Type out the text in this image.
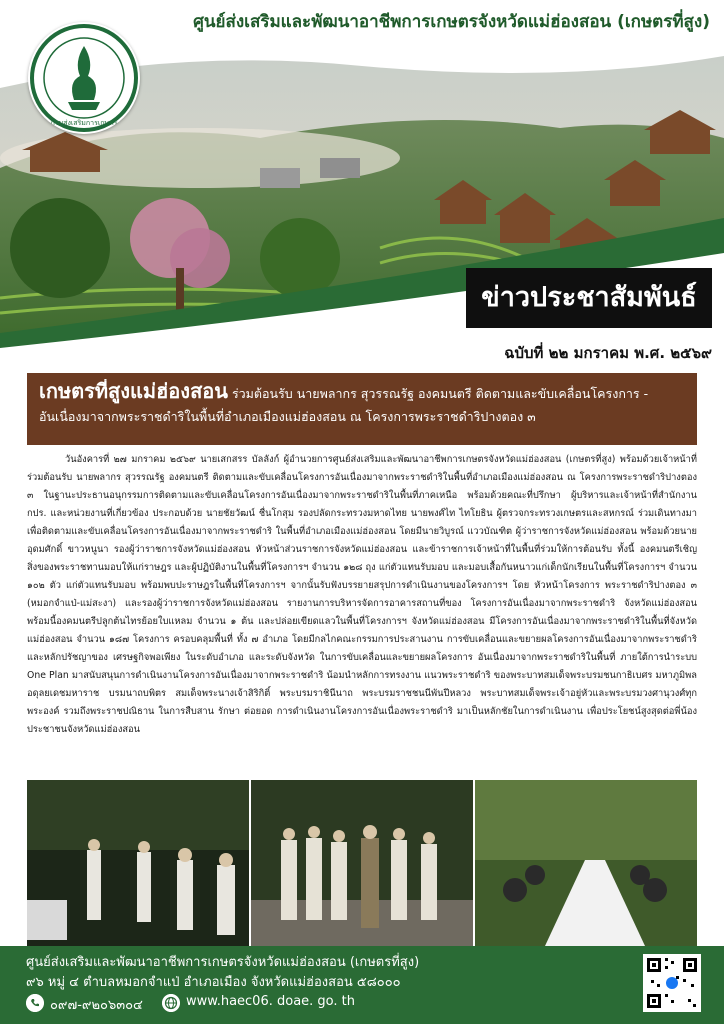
ศูนย์ส่งเสริมและพัฒนาอาชีพการเกษตรจังหวัดแม่ฮ่องสอน (เกษตรที่สูง)
กรมส่งเสริมการเกษตร
ข่าวประชาสัมพันธ์
ฉบับที่ ๒๒ มกราคม พ.ศ. ๒๕๖๙
เกษตรที่สูงแม่ฮ่องสอน ร่วมต้อนรับ นายพลากร สุวรรณรัฐ องคมนตรี ติดตามและขับเคลื่อนโครงการ -
อันเนื่องมาจากพระราชดำริในพื้นที่อำเภอเมืองแม่ฮ่องสอน ณ โครงการพระราชดำริปางตอง ๓
วันอังคารที่ ๒๗ มกราคม ๒๕๖๙ นายเสกสรร บัลลังก์ ผู้อำนวยการศูนย์ส่งเสริมและพัฒนาอาชีพการเกษตรจังหวัดแม่ฮ่องสอน (เกษตรที่สูง) พร้อมด้วยเจ้าหน้าที่ ร่วมต้อนรับ นายพลากร สุวรรณรัฐ องคมนตรี ติดตามและขับเคลื่อนโครงการอันเนื่องมาจากพระราชดำริในพื้นที่อำเภอเมืองแม่ฮ่องสอน ณ โครงการพระราชดำริปางตอง ๓ ในฐานะประธานอนุกรรมการติดตามและขับเคลื่อนโครงการอันเนื่องมาจากพระราชดำริในพื้นที่ภาคเหนือ พร้อมด้วยคณะที่ปรึกษา ผู้บริหารและเจ้าหน้าที่สำนักงาน กปร. และหน่วยงานที่เกี่ยวข้อง ประกอบด้วย นายชัยวัฒน์ ชื่นโกสุม รองปลัดกระทรวงมหาดไทย นายพงศ์ไท ไทโยธิน ผู้ตรวจกระทรวงเกษตรและสหกรณ์ ร่วมเดินทางมาเพื่อติดตามและขับเคลื่อนโครงการอันเนื่องมาจากพระราชดำริ ในพื้นที่อำเภอเมืองแม่ฮ่องสอน โดยมีนายวิบูรณ์ แววบัณฑิต ผู้ว่าราชการจังหวัดแม่ฮ่องสอน พร้อมด้วยนายอุดมศักดิ์ ขาวหนูนา รองผู้ว่าราชการจังหวัดแม่ฮ่องสอน หัวหน้าส่วนราชการจังหวัดแม่ฮ่องสอน และข้าราชการเจ้าหน้าที่ในพื้นที่ร่วมให้การต้อนรับ ทั้งนี้ องคมนตรีเชิญสิ่งของพระราชทานมอบให้แก่ราษฎร และผู้ปฏิบัติงานในพื้นที่โครงการฯ จำนวน ๑๒๘ ถุง แก่ตัวแทนรับมอบ และมอบเสื้อกันหนาวแก่เด็กนักเรียนในพื้นที่โครงการฯ จำนวน ๑๐๒ ตัว แก่ตัวแทนรับมอบ พร้อมพบปะราษฎรในพื้นที่โครงการฯ จากนั้นรับฟังบรรยายสรุปการดำเนินงานของโครงการฯ โดย หัวหน้าโครงการ พระราชดำริปางตอง ๓ (หมอกจำแป่-แม่สะงา) และรองผู้ว่าราชการจังหวัดแม่ฮ่องสอน รายงานการบริหารจัดการอาคารสถานที่ของ โครงการอันเนื่องมาจากพระราชดำริ จังหวัดแม่ฮ่องสอน พร้อมนี้องคมนตรีปลูกต้นไทรย้อยใบแหลม จำนวน ๑ ต้น และปล่อยเขียดแลวในพื้นที่โครงการฯ จังหวัดแม่ฮ่องสอน มีโครงการอันเนื่องมาจากพระราชดำริในพื้นที่จังหวัดแม่ฮ่องสอน จำนวน ๑๘๗ โครงการ ครอบคลุมพื้นที่ ทั้ง ๗ อำเภอ โดยมีกลไกคณะกรรมการประสานงาน การขับเคลื่อนและขยายผลโครงการอันเนื่องมาจากพระราชดำริและหลักปรัชญาของ เศรษฐกิจพอเพียง ในระดับอำเภอ และระดับจังหวัด ในการขับเคลื่อนและขยายผลโครงการ อันเนื่องมาจากพระราชดำริในพื้นที่ ภายใต้การนำระบบ One Plan มาสนับสนุนการดำเนินงานโครงการอันเนื่องมาจากพระราชดำริ น้อมนำหลักการทรงงาน แนวพระราชดำริ ของพระบาทสมเด็จพระบรมชนกาธิเบศร มหาภูมิพลอดุลยเดชมหาราช บรมนาถบพิตร สมเด็จพระนางเจ้าสิริกิติ์ พระบรมราชินีนาถ พระบรมราชชนนีพันปีหลวง พระบาทสมเด็จพระเจ้าอยู่หัวและพระบรมวงศานุวงศ์ทุกพระองค์ รวมถึงพระราชปณิธาน ในการสืบสาน รักษา ต่อยอด การดำเนินงานโครงการอันเนื่องพระราชดำริ มาเป็นหลักชัยในการดำเนินงาน เพื่อประโยชน์สูงสุดต่อพี่น้องประชาชนจังหวัดแม่ฮ่องสอน
ศูนย์ส่งเสริมและพัฒนาอาชีพการเกษตรจังหวัดแม่ฮ่องสอน (เกษตรที่สูง)
๙๖ หมู่ ๔ ตำบลหมอกจำแป่ อำเภอเมือง จังหวัดแม่ฮ่องสอน ๕๘๐๐๐
๐๙๗-๙๒๐๖๓๐๔	www.haec06. doae. go. th
